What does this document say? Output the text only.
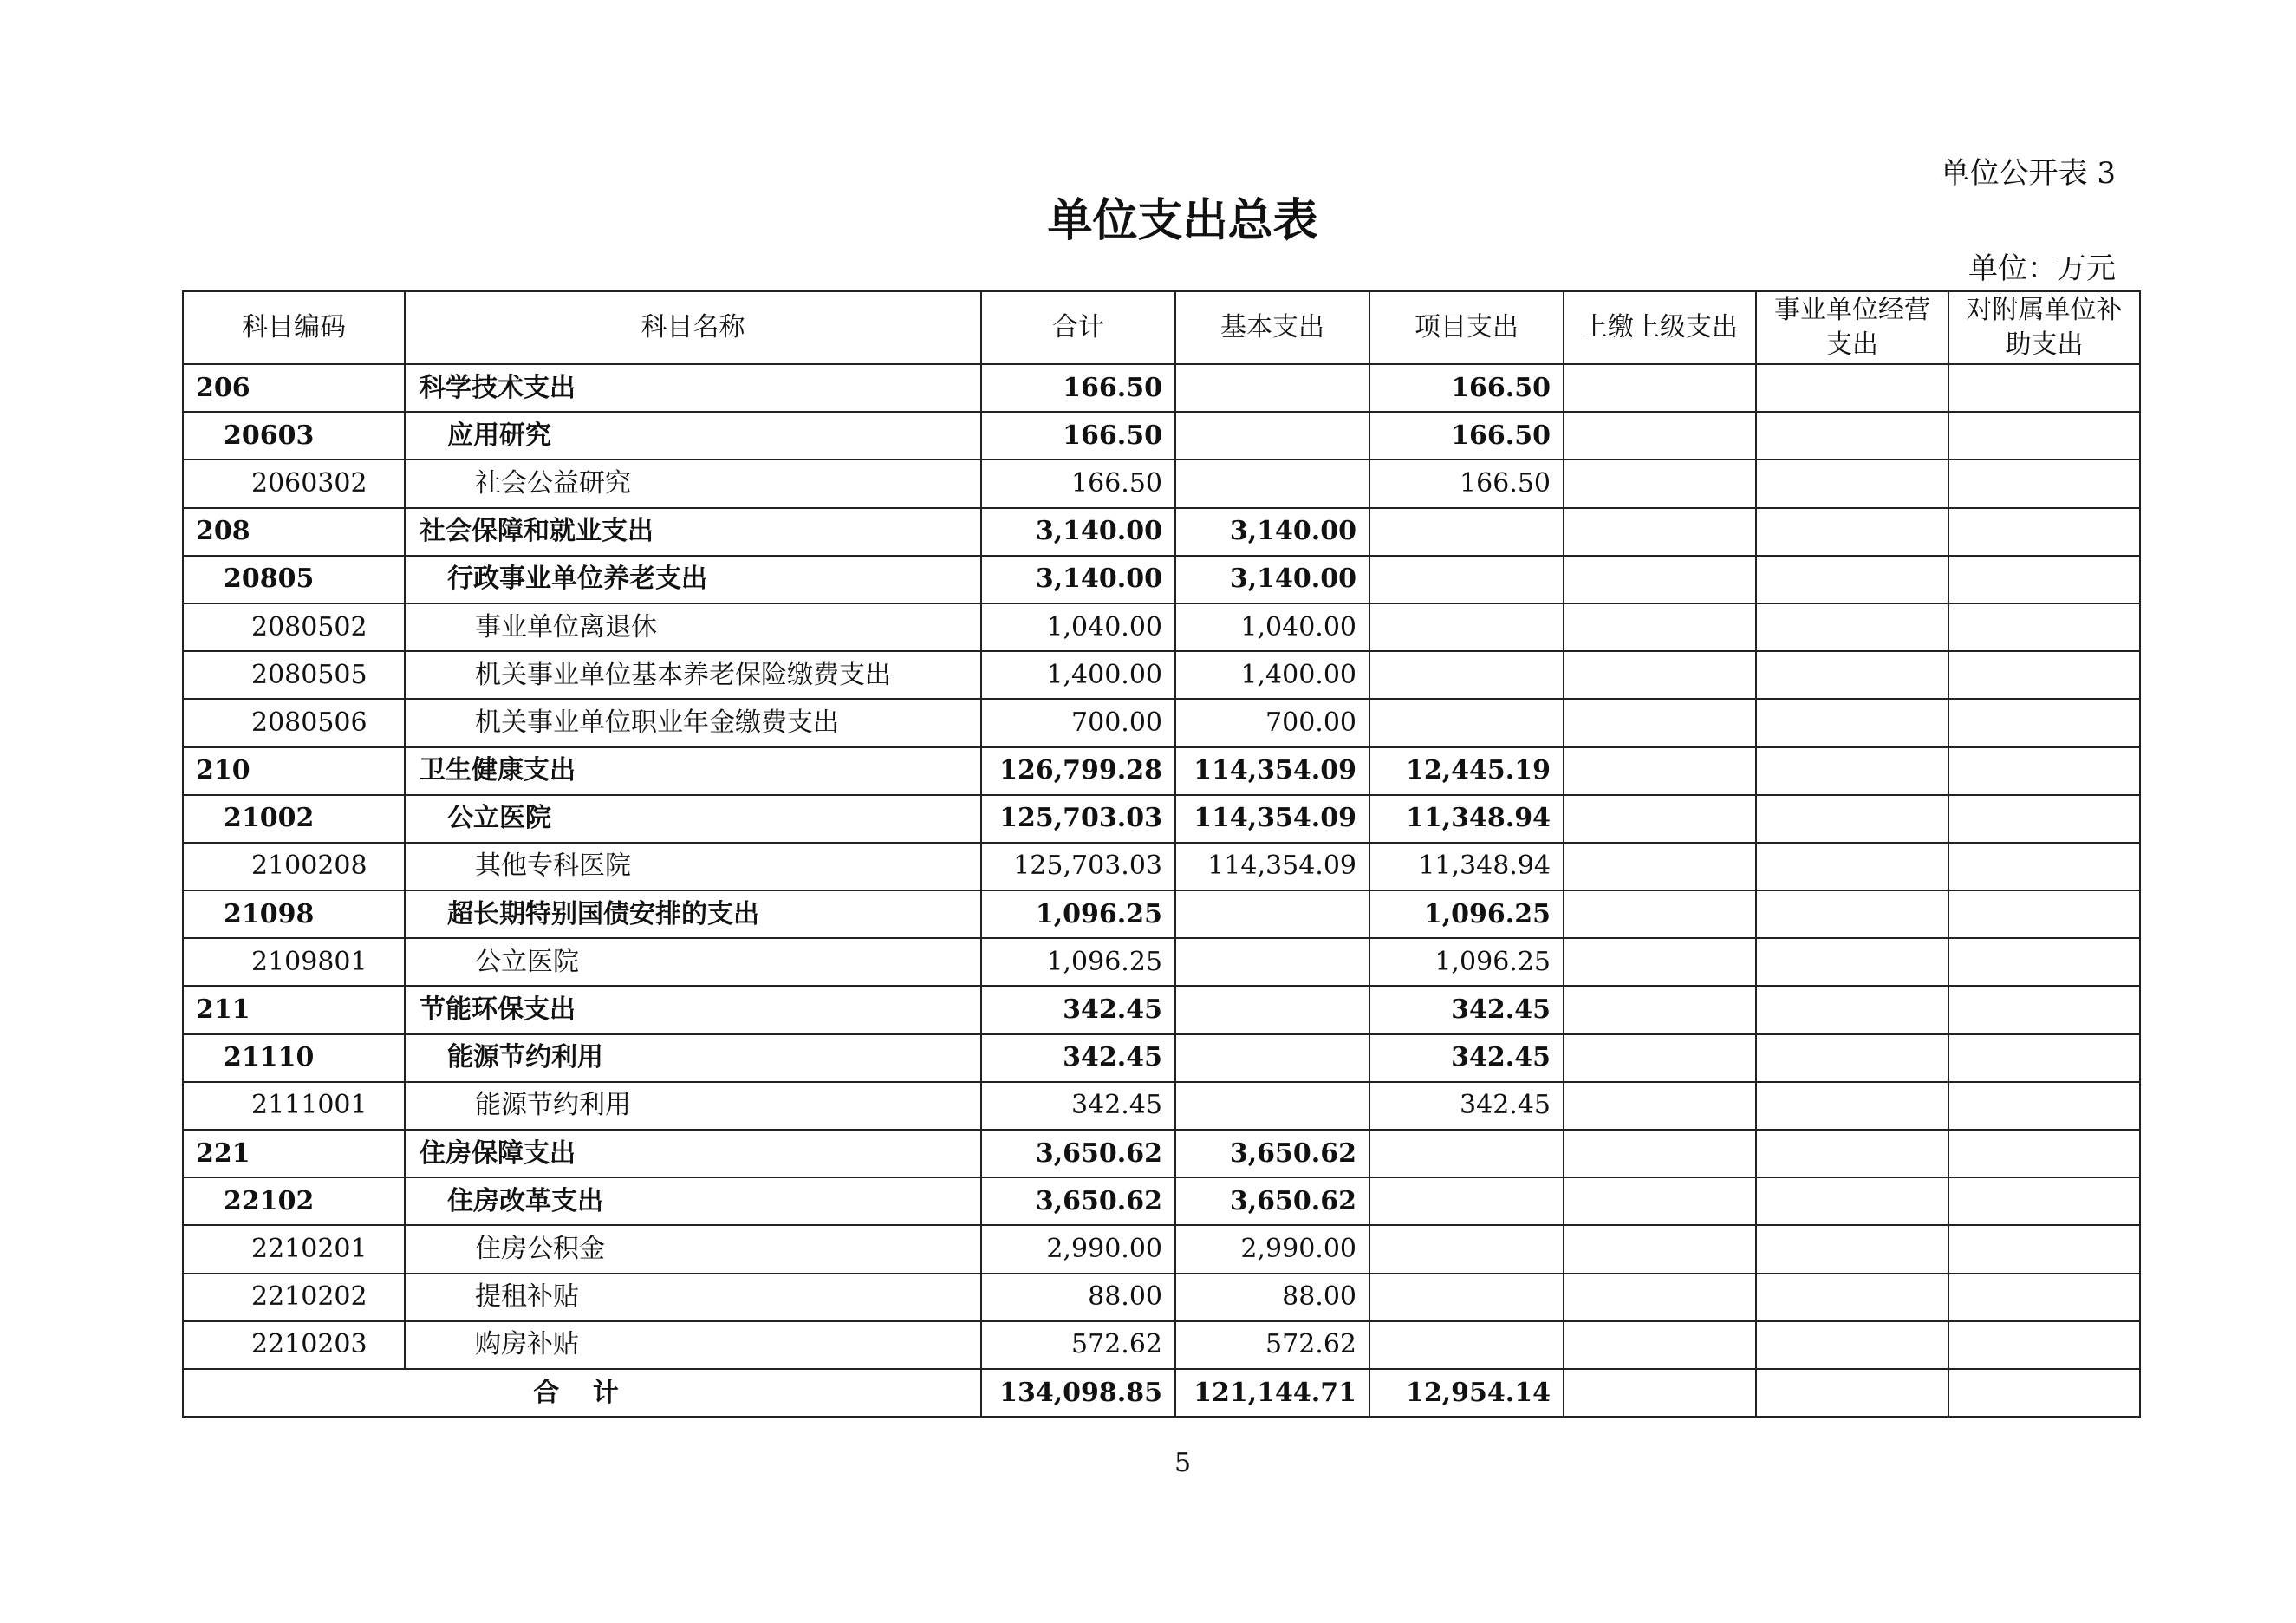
单位公开表 3
单位支出总表
单位：万元
科目编码	科目名称	合计	基本支出	项目支出	上缴上级支出	事业单位经营支出	对附属单位补助支出
206	科学技术支出	166.50		166.50			
20603	应用研究	166.50		166.50			
2060302	社会公益研究	166.50		166.50			
208	社会保障和就业支出	3,140.00	3,140.00				
20805	行政事业单位养老支出	3,140.00	3,140.00				
2080502	事业单位离退休	1,040.00	1,040.00				
2080505	机关事业单位基本养老保险缴费支出	1,400.00	1,400.00				
2080506	机关事业单位职业年金缴费支出	700.00	700.00				
210	卫生健康支出	126,799.28	114,354.09	12,445.19			
21002	公立医院	125,703.03	114,354.09	11,348.94			
2100208	其他专科医院	125,703.03	114,354.09	11,348.94			
21098	超长期特别国债安排的支出	1,096.25		1,096.25			
2109801	公立医院	1,096.25		1,096.25			
211	节能环保支出	342.45		342.45			
21110	能源节约利用	342.45		342.45			
2111001	能源节约利用	342.45		342.45			
221	住房保障支出	3,650.62	3,650.62				
22102	住房改革支出	3,650.62	3,650.62				
2210201	住房公积金	2,990.00	2,990.00				
2210202	提租补贴	88.00	88.00				
2210203	购房补贴	572.62	572.62				
合 计		134,098.85	121,144.71	12,954.14			
5
